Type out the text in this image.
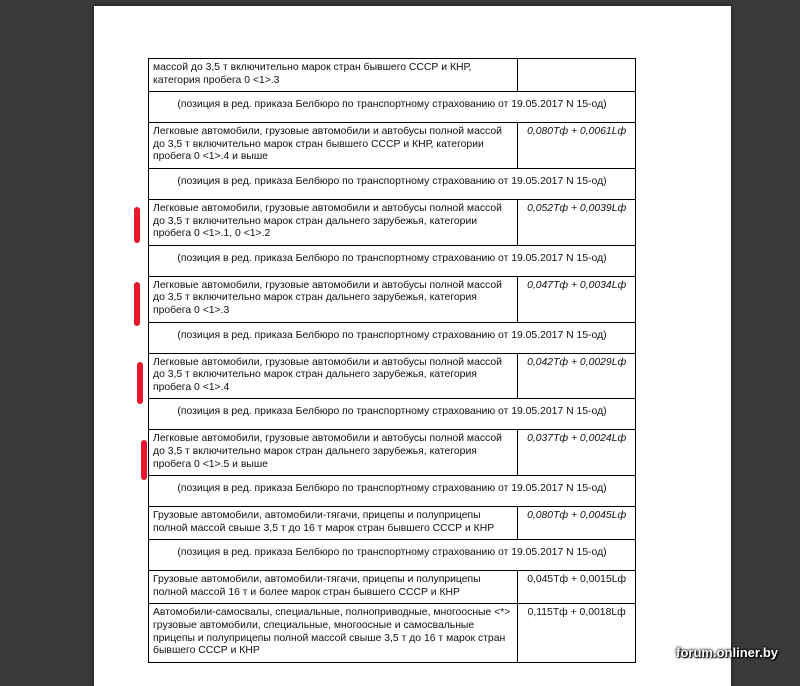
массой до 3,5 т включительно марок стран бывшего СССР и КНР, категория пробега 0 <1>.3	
(позиция в ред. приказа Белбюро по транспортному страхованию от 19.05.2017 N 15-од)	
Легковые автомобили, грузовые автомобили и автобусы полной массой до 3,5 т включительно марок стран бывшего СССР и КНР, категории пробега 0 <1>.4 и выше	0,080Тф + 0,0061Lф
(позиция в ред. приказа Белбюро по транспортному страхованию от 19.05.2017 N 15-од)	
Легковые автомобили, грузовые автомобили и автобусы полной массой до 3,5 т включительно марок стран дальнего зарубежья, категории пробега 0 <1>.1, 0 <1>.2	0,052Тф + 0,0039Lф
(позиция в ред. приказа Белбюро по транспортному страхованию от 19.05.2017 N 15-од)	
Легковые автомобили, грузовые автомобили и автобусы полной массой до 3,5 т включительно марок стран дальнего зарубежья, категория пробега 0 <1>.3	0,047Тф + 0,0034Lф
(позиция в ред. приказа Белбюро по транспортному страхованию от 19.05.2017 N 15-од)	
Легковые автомобили, грузовые автомобили и автобусы полной массой до 3,5 т включительно марок стран дальнего зарубежья, категория пробега 0 <1>.4	0,042Тф + 0,0029Lф
(позиция в ред. приказа Белбюро по транспортному страхованию от 19.05.2017 N 15-од)	
Легковые автомобили, грузовые автомобили и автобусы полной массой до 3,5 т включительно марок стран дальнего зарубежья, категория пробега 0 <1>.5 и выше	0,037Тф + 0,0024Lф
(позиция в ред. приказа Белбюро по транспортному страхованию от 19.05.2017 N 15-од)	
Грузовые автомобили, автомобили-тягачи, прицепы и полуприцепы полной массой свыше 3,5 т до 16 т марок стран бывшего СССР и КНР	0,080Тф + 0,0045Lф
(позиция в ред. приказа Белбюро по транспортному страхованию от 19.05.2017 N 15-од)	
Грузовые автомобили, автомобили-тягачи, прицепы и полуприцепы полной массой 16 т и более марок стран бывшего СССР и КНР	0,045Тф + 0,0015Lф
Автомобили-самосвалы, специальные, полноприводные, многоосные <*> грузовые автомобили, специальные, многоосные и самосвальные прицепы и полуприцепы полной массой свыше 3,5 т до 16 т марок стран бывшего СССР и КНР	0,115Тф + 0,0018Lф
forum.onliner.by
